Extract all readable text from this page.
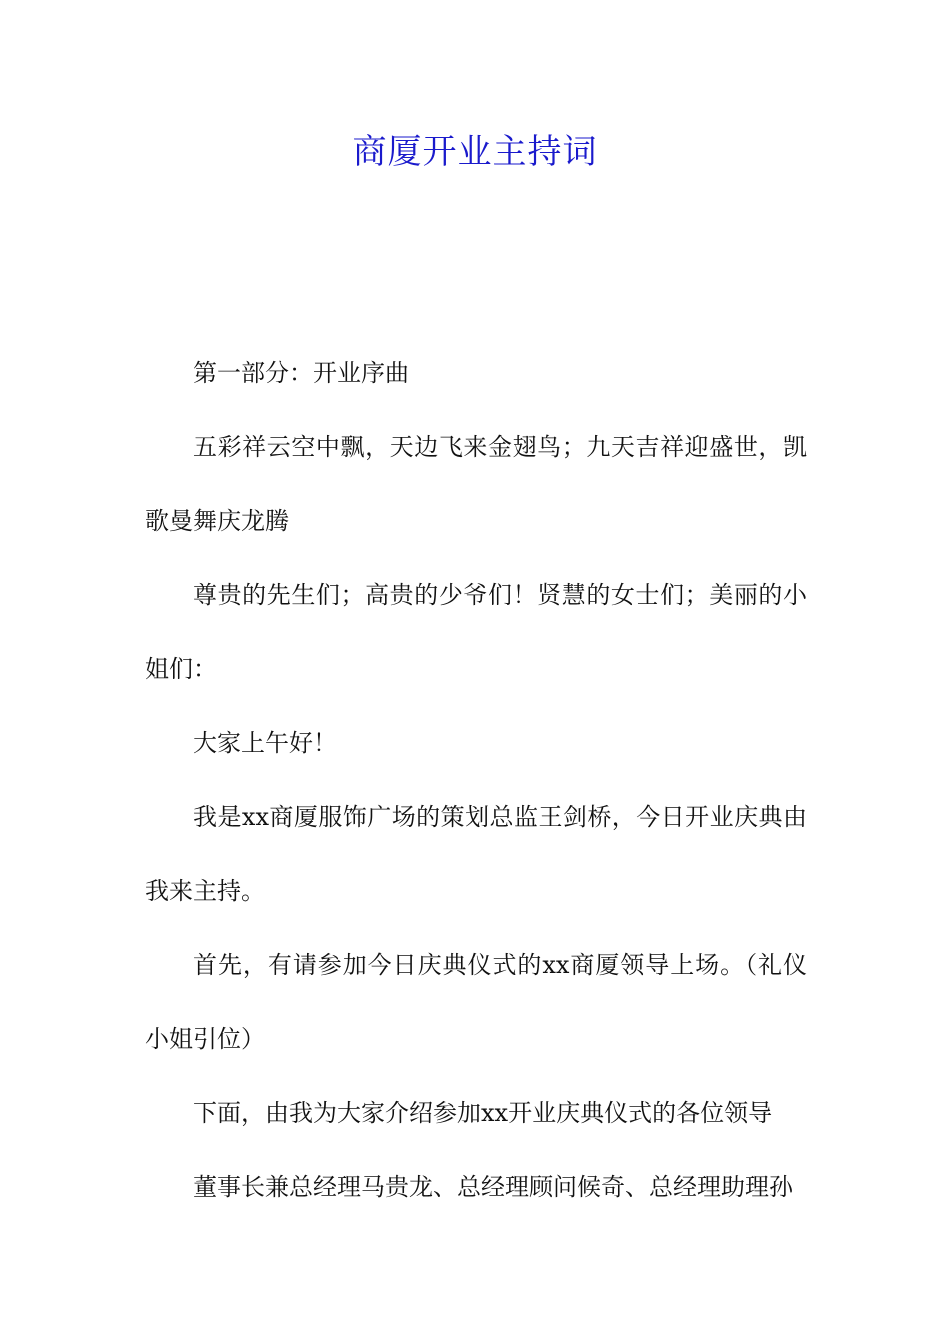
商厦开业主持词

第一部分：开业序曲

五彩祥云空中飘，天边飞来金翅鸟；九天吉祥迎盛世，凯歌曼舞庆龙腾

尊贵的先生们；高贵的少爷们！贤慧的女士们；美丽的小姐们：

大家上午好！

我是xx商厦服饰广场的策划总监王剑桥，今日开业庆典由我来主持。

首先，有请参加今日庆典仪式的xx商厦领导上场。（礼仪小姐引位）

下面，由我为大家介绍参加xx开业庆典仪式的各位领导

董事长兼总经理马贵龙、总经理顾问候奇、总经理助理孙
